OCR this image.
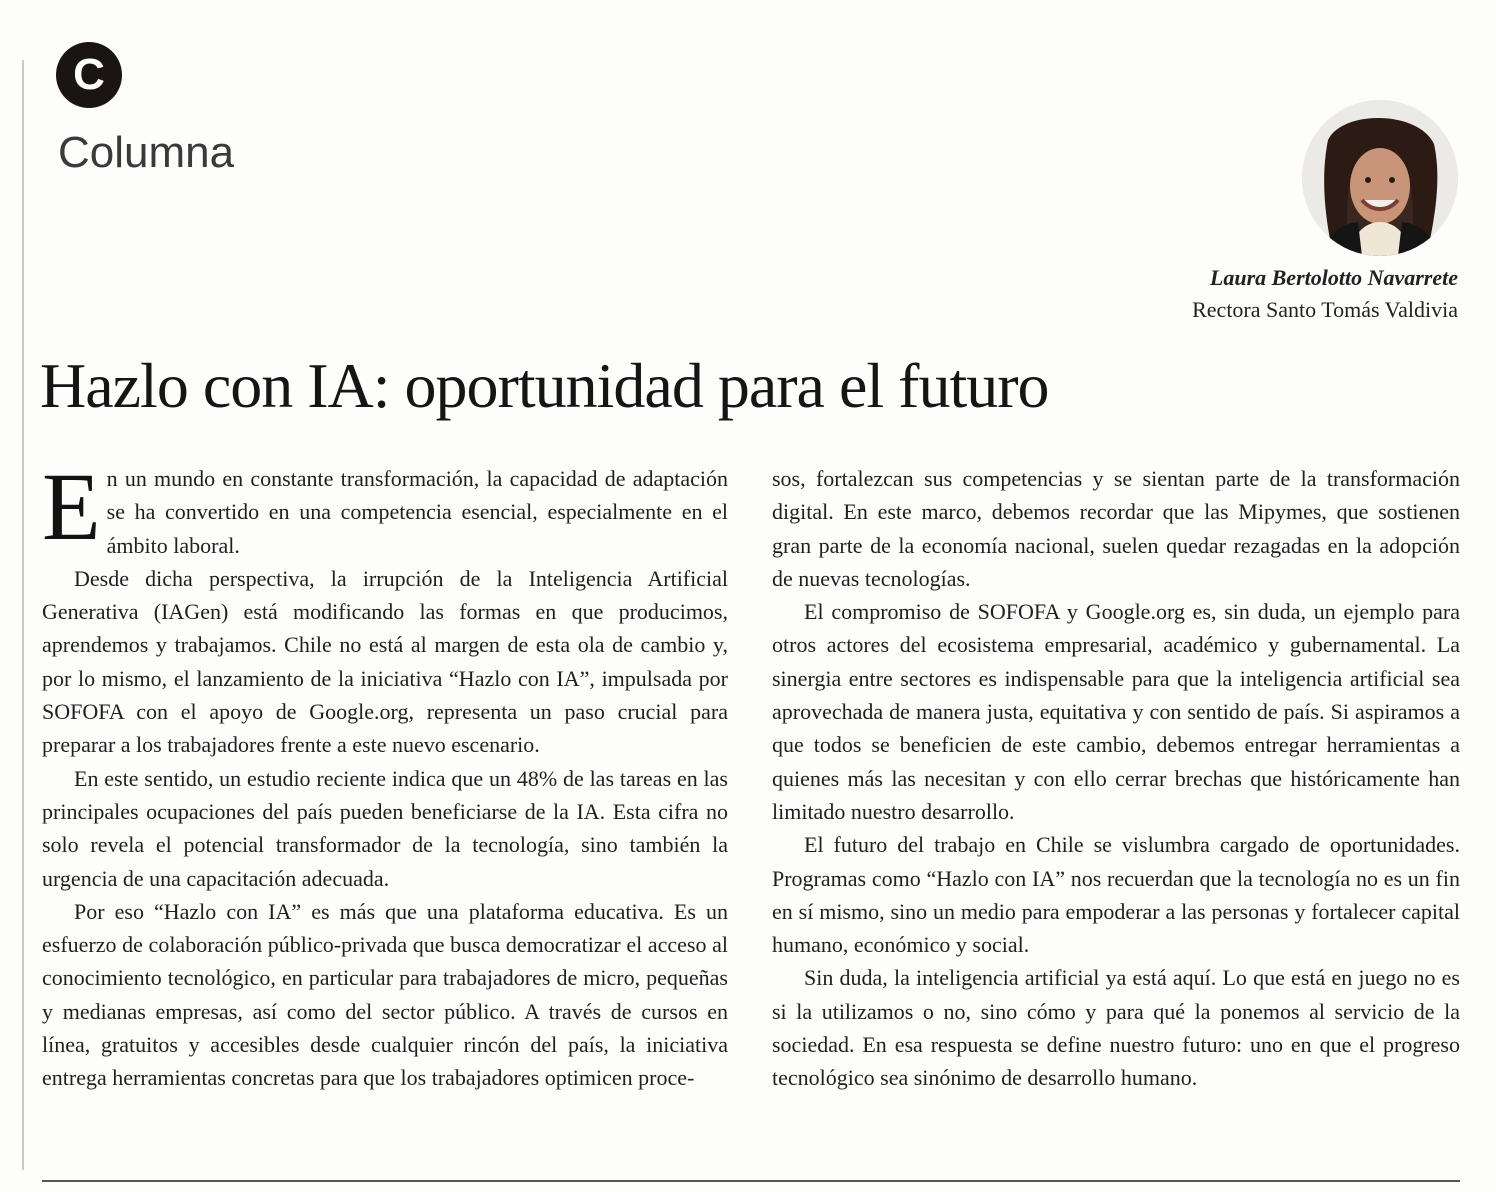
C
Columna
Laura Bertolotto Navarrete
Rectora Santo Tomás Valdivia
Hazlo con IA: oportunidad para el futuro

En un mundo en constante transformación, la capacidad de adaptación se ha convertido en una competencia esencial, especialmente en el ámbito laboral.

Desde dicha perspectiva, la irrupción de la Inteligencia Artificial Generativa (IAGen) está modificando las formas en que producimos, aprendemos y trabajamos. Chile no está al margen de esta ola de cambio y, por lo mismo, el lanzamiento de la iniciativa “Hazlo con IA”, impulsada por SOFOFA con el apoyo de Google.org, representa un paso crucial para preparar a los trabajadores frente a este nuevo escenario.

En este sentido, un estudio reciente indica que un 48% de las tareas en las principales ocupaciones del país pueden beneficiarse de la IA. Esta cifra no solo revela el potencial transformador de la tecnología, sino también la urgencia de una capacitación adecuada.

Por eso “Hazlo con IA” es más que una plataforma educativa. Es un esfuerzo de colaboración público-privada que busca democratizar el acceso al conocimiento tecnológico, en particular para trabajadores de micro, pequeñas y medianas empresas, así como del sector público. A través de cursos en línea, gratuitos y accesibles desde cualquier rincón del país, la iniciativa entrega herramientas concretas para que los trabajadores optimicen proce-

sos, fortalezcan sus competencias y se sientan parte de la transformación digital. En este marco, debemos recordar que las Mipymes, que sostienen gran parte de la economía nacional, suelen quedar rezagadas en la adopción de nuevas tecnologías.

El compromiso de SOFOFA y Google.org es, sin duda, un ejemplo para otros actores del ecosistema empresarial, académico y gubernamental. La sinergia entre sectores es indispensable para que la inteligencia artificial sea aprovechada de manera justa, equitativa y con sentido de país. Si aspiramos a que todos se beneficien de este cambio, debemos entregar herramientas a quienes más las necesitan y con ello cerrar brechas que históricamente han limitado nuestro desarrollo.

El futuro del trabajo en Chile se vislumbra cargado de oportunidades. Programas como “Hazlo con IA” nos recuerdan que la tecnología no es un fin en sí mismo, sino un medio para empoderar a las personas y fortalecer capital humano, económico y social.

Sin duda, la inteligencia artificial ya está aquí. Lo que está en juego no es si la utilizamos o no, sino cómo y para qué la ponemos al servicio de la sociedad. En esa respuesta se define nuestro futuro: uno en que el progreso tecnológico sea sinónimo de desarrollo humano.
